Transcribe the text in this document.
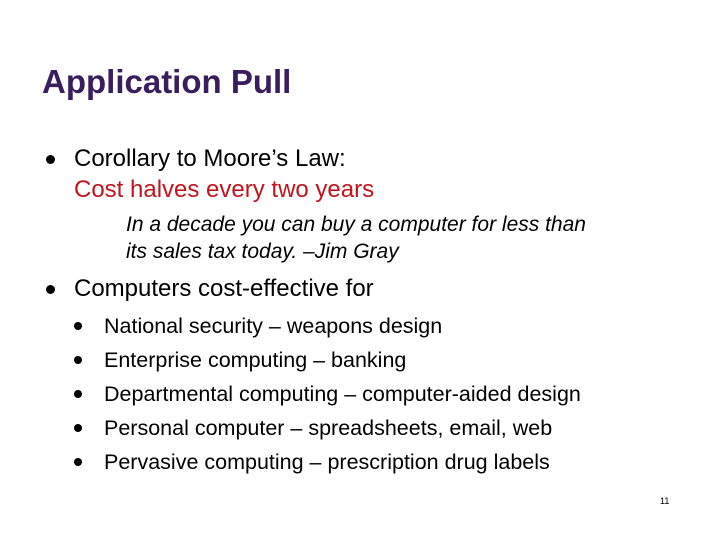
Application Pull

Corollary to Moore’s Law:

Cost halves every two years

In a decade you can buy a computer for less than

its sales tax today. –Jim Gray

Computers cost-effective for

National security – weapons design

Enterprise computing – banking

Departmental computing – computer-aided design

Personal computer – spreadsheets, email, web

Pervasive computing – prescription drug labels

11
